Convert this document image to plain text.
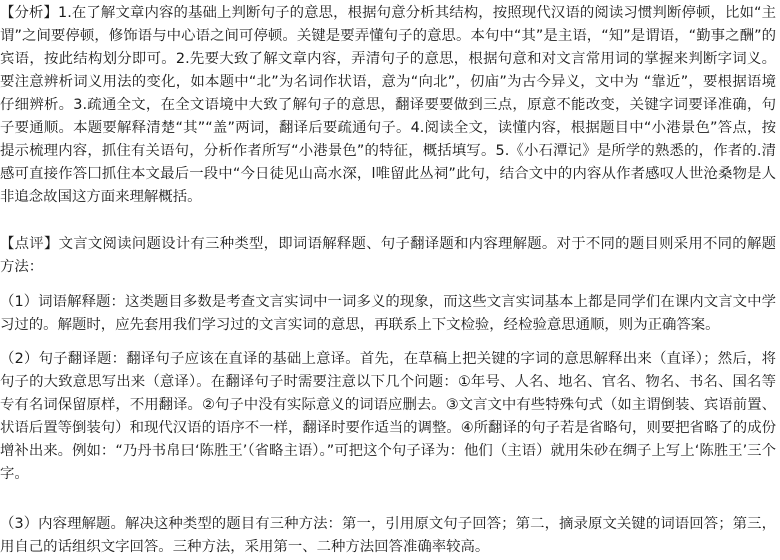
【分析】1.在了解文章内容的基础上判断句子的意思，根据句意分析其结构，按照现代汉语的阅读习惯判断停顿，比如“主谓”之间要停顿，修饰语与中心语之间可停顿。关键是要弄懂句子的意思。本句中“其”是主语，“知”是谓语，“勤事之酬”的宾语，按此结构划分即可。2.先要大致了解文章内容，弄清句子的意思，根据句意和对文言常用词的掌握来判断字词义。要注意辨析词义用法的变化，如本题中“北”为名词作状语，意为“向北”，仞庙”为古今异义，文中为 “靠近”，要根据语境仔细辨析。3.疏通全文，在全文语境中大致了解句子的意思，翻译要要做到三点，原意不能改变，关键字词要译准确，句子要通顺。本题要解释清楚“其”“盖”两词，翻译后要疏通句子。4.阅读全文，读懂内容，根据题目中“小港景色”答点，按提示梳理内容，抓住有关语句，分析作者所写“小港景色”的特征，概括填写。5.《小石潭记》是所学的熟悉的，作者的.清感可直接作答囗抓住本文最后一段中“今日徒见山高水深，l唯留此丛祠”此句，结合文中的内容从作者感叹人世沧桑物是人非追念故国这方面来理解概括。

【点评】文言文阅读问题设计有三种类型，即词语解释题、句子翻译题和内容理解题。对于不同的题目则采用不同的解题方法：

（1）词语解释题：这类题目多数是考查文言实词中一词多义的现象，而这些文言实词基本上都是同学们在课内文言文中学习过的。解题时，应先套用我们学习过的文言实词的意思，再联系上下文检验，经检验意思通顺，则为正确答案。

（2）句子翻译题：翻译句子应该在直译的基础上意译。首先，在草稿上把关键的字词的意思解释出来（直译）；然后，将句子的大致意思写出来（意译）。在翻译句子时需要注意以下几个问题：①年号、人名、地名、官名、物名、书名、国名等专有名词保留原样，不用翻译。②句子中没有实际意义的词语应删去。③文言文中有些特殊句式（如主谓倒装、宾语前置、状语后置等倒装句）和现代汉语的语序不一样，翻译时要作适当的调整。④所翻译的句子若是省略句，则要把省略了的成份增补出来。例如：“乃丹书帛曰‘陈胜王’（省略主语）。”可把这个句子译为：他们（主语）就用朱砂在绸子上写上‘陈胜王’三个字。

（3）内容理解题。解决这种类型的题目有三种方法：第一，引用原文句子回答；第二，摘录原文关键的词语回答；第三，用自己的话组织文字回答。三种方法，采用第一、二种方法回答准确率较高。
